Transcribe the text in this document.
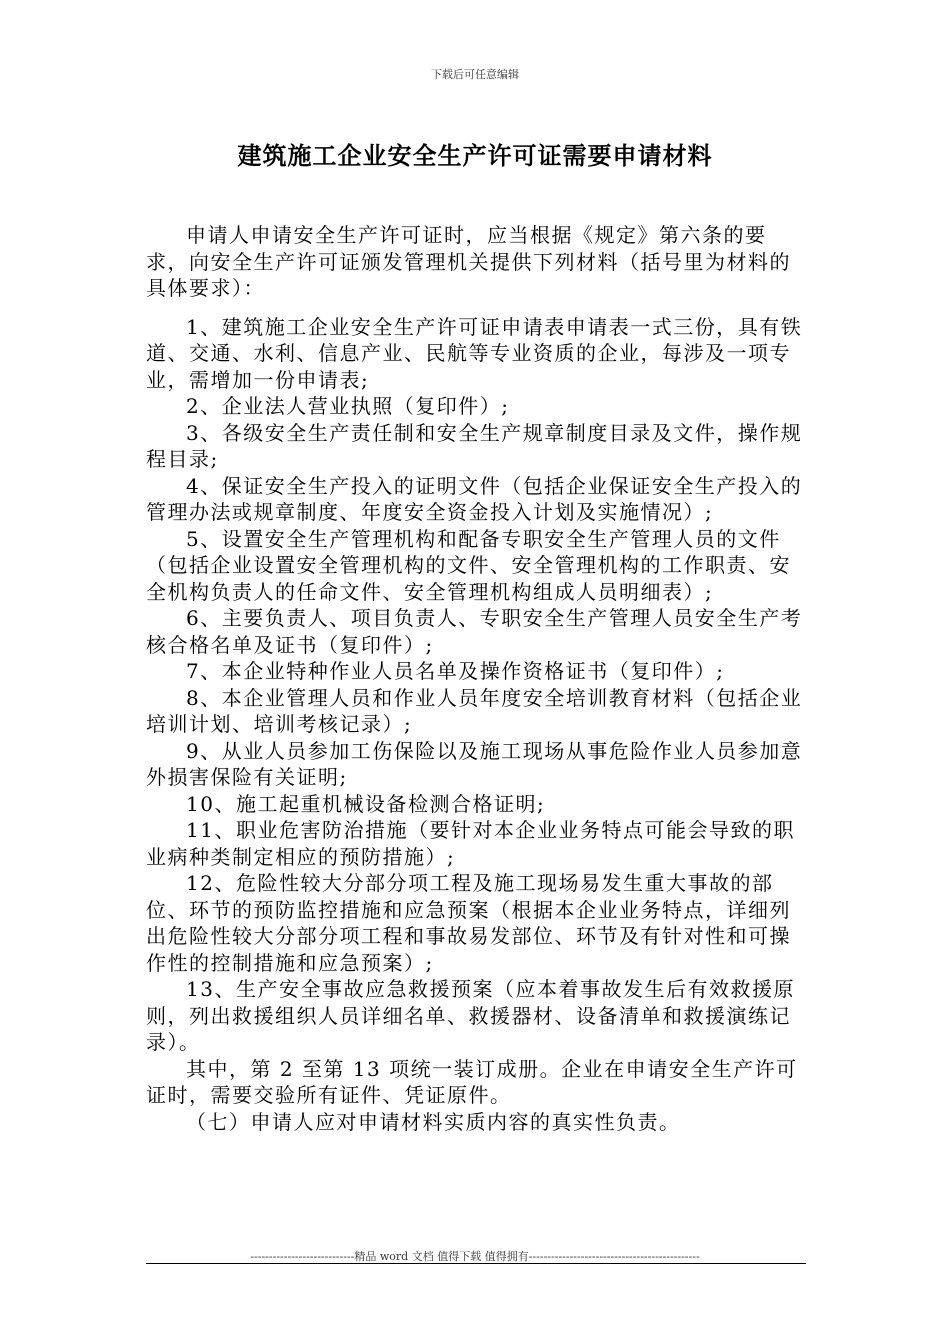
下载后可任意编辑
建筑施工企业安全生产许可证需要申请材料

申请人申请安全生产许可证时，应当根据《规定》第六条的要求，向安全生产许可证颁发管理机关提供下列材料（括号里为材料的具体要求）：

1、建筑施工企业安全生产许可证申请表申请表一式三份，具有铁道、交通、水利、信息产业、民航等专业资质的企业，每涉及一项专业，需增加一份申请表;

2、企业法人营业执照（复印件）;

3、各级安全生产责任制和安全生产规章制度目录及文件，操作规程目录;

4、保证安全生产投入的证明文件（包括企业保证安全生产投入的管理办法或规章制度、年度安全资金投入计划及实施情况）;

5、设置安全生产管理机构和配备专职安全生产管理人员的文件（包括企业设置安全管理机构的文件、安全管理机构的工作职责、安全机构负责人的任命文件、安全管理机构组成人员明细表）;

6、主要负责人、项目负责人、专职安全生产管理人员安全生产考核合格名单及证书（复印件）;

7、本企业特种作业人员名单及操作资格证书（复印件）;

8、本企业管理人员和作业人员年度安全培训教育材料（包括企业培训计划、培训考核记录）;

9、从业人员参加工伤保险以及施工现场从事危险作业人员参加意外损害保险有关证明;

10、施工起重机械设备检测合格证明;

11、职业危害防治措施（要针对本企业业务特点可能会导致的职业病种类制定相应的预防措施）;

12、危险性较大分部分项工程及施工现场易发生重大事故的部位、环节的预防监控措施和应急预案（根据本企业业务特点，详细列出危险性较大分部分项工程和事故易发部位、环节及有针对性和可操作性的控制措施和应急预案）;

13、生产安全事故应急救援预案（应本着事故发生后有效救援原则，列出救援组织人员详细名单、救援器材、设备清单和救援演练记录）。

其中，第 2 至第 13 项统一装订成册。企业在申请安全生产许可证时，需要交验所有证件、凭证原件。

（七）申请人应对申请材料实质内容的真实性负责。

----------------------------精品 word 文档 值得下载 值得拥有----------------------------------------------
